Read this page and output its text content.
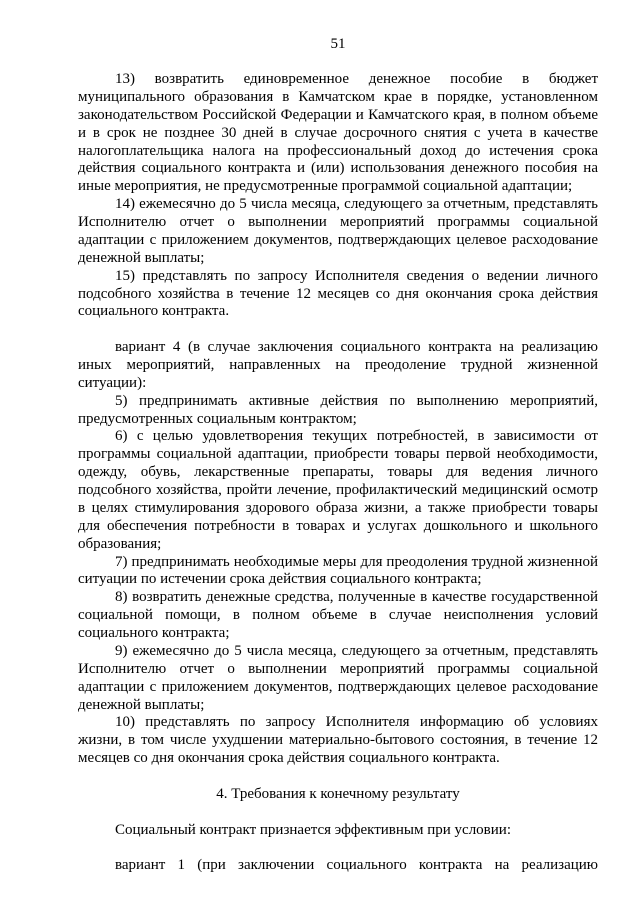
51

13) возвратить единовременное денежное пособие в бюджет муниципального образования в Камчатском крае в порядке, установленном законодательством Российской Федерации и Камчатского края, в полном объеме и в срок не позднее 30 дней в случае досрочного снятия с учета в качестве налогоплательщика налога на профессиональный доход до истечения срока действия социального контракта и (или) использования денежного пособия на иные мероприятия, не предусмотренные программой социальной адаптации;

14) ежемесячно до 5 числа месяца, следующего за отчетным, представлять Исполнителю отчет о выполнении мероприятий программы социальной адаптации с приложением документов, подтверждающих целевое расходование денежной выплаты;

15) представлять по запросу Исполнителя сведения о ведении личного подсобного хозяйства в течение 12 месяцев со дня окончания срока действия социального контракта.

вариант 4 (в случае заключения социального контракта на реализацию иных мероприятий, направленных на преодоление трудной жизненной ситуации):

5) предпринимать активные действия по выполнению мероприятий, предусмотренных социальным контрактом;

6) с целью удовлетворения текущих потребностей, в зависимости от программы социальной адаптации, приобрести товары первой необходимости, одежду, обувь, лекарственные препараты, товары для ведения личного подсобного хозяйства, пройти лечение, профилактический медицинский осмотр в целях стимулирования здорового образа жизни, а также приобрести товары для обеспечения потребности в товарах и услугах дошкольного и школьного образования;

7) предпринимать необходимые меры для преодоления трудной жизненной ситуации по истечении срока действия социального контракта;

8) возвратить денежные средства, полученные в качестве государственной социальной помощи, в полном объеме в случае неисполнения условий социального контракта;

9) ежемесячно до 5 числа месяца, следующего за отчетным, представлять Исполнителю отчет о выполнении мероприятий программы социальной адаптации с приложением документов, подтверждающих целевое расходование денежной выплаты;

10) представлять по запросу Исполнителя информацию об условиях жизни, в том числе ухудшении материально-бытового состояния, в течение 12 месяцев со дня окончания срока действия социального контракта.

4. Требования к конечному результату

Социальный контракт признается эффективным при условии:

вариант 1 (при заключении социального контракта на реализацию
